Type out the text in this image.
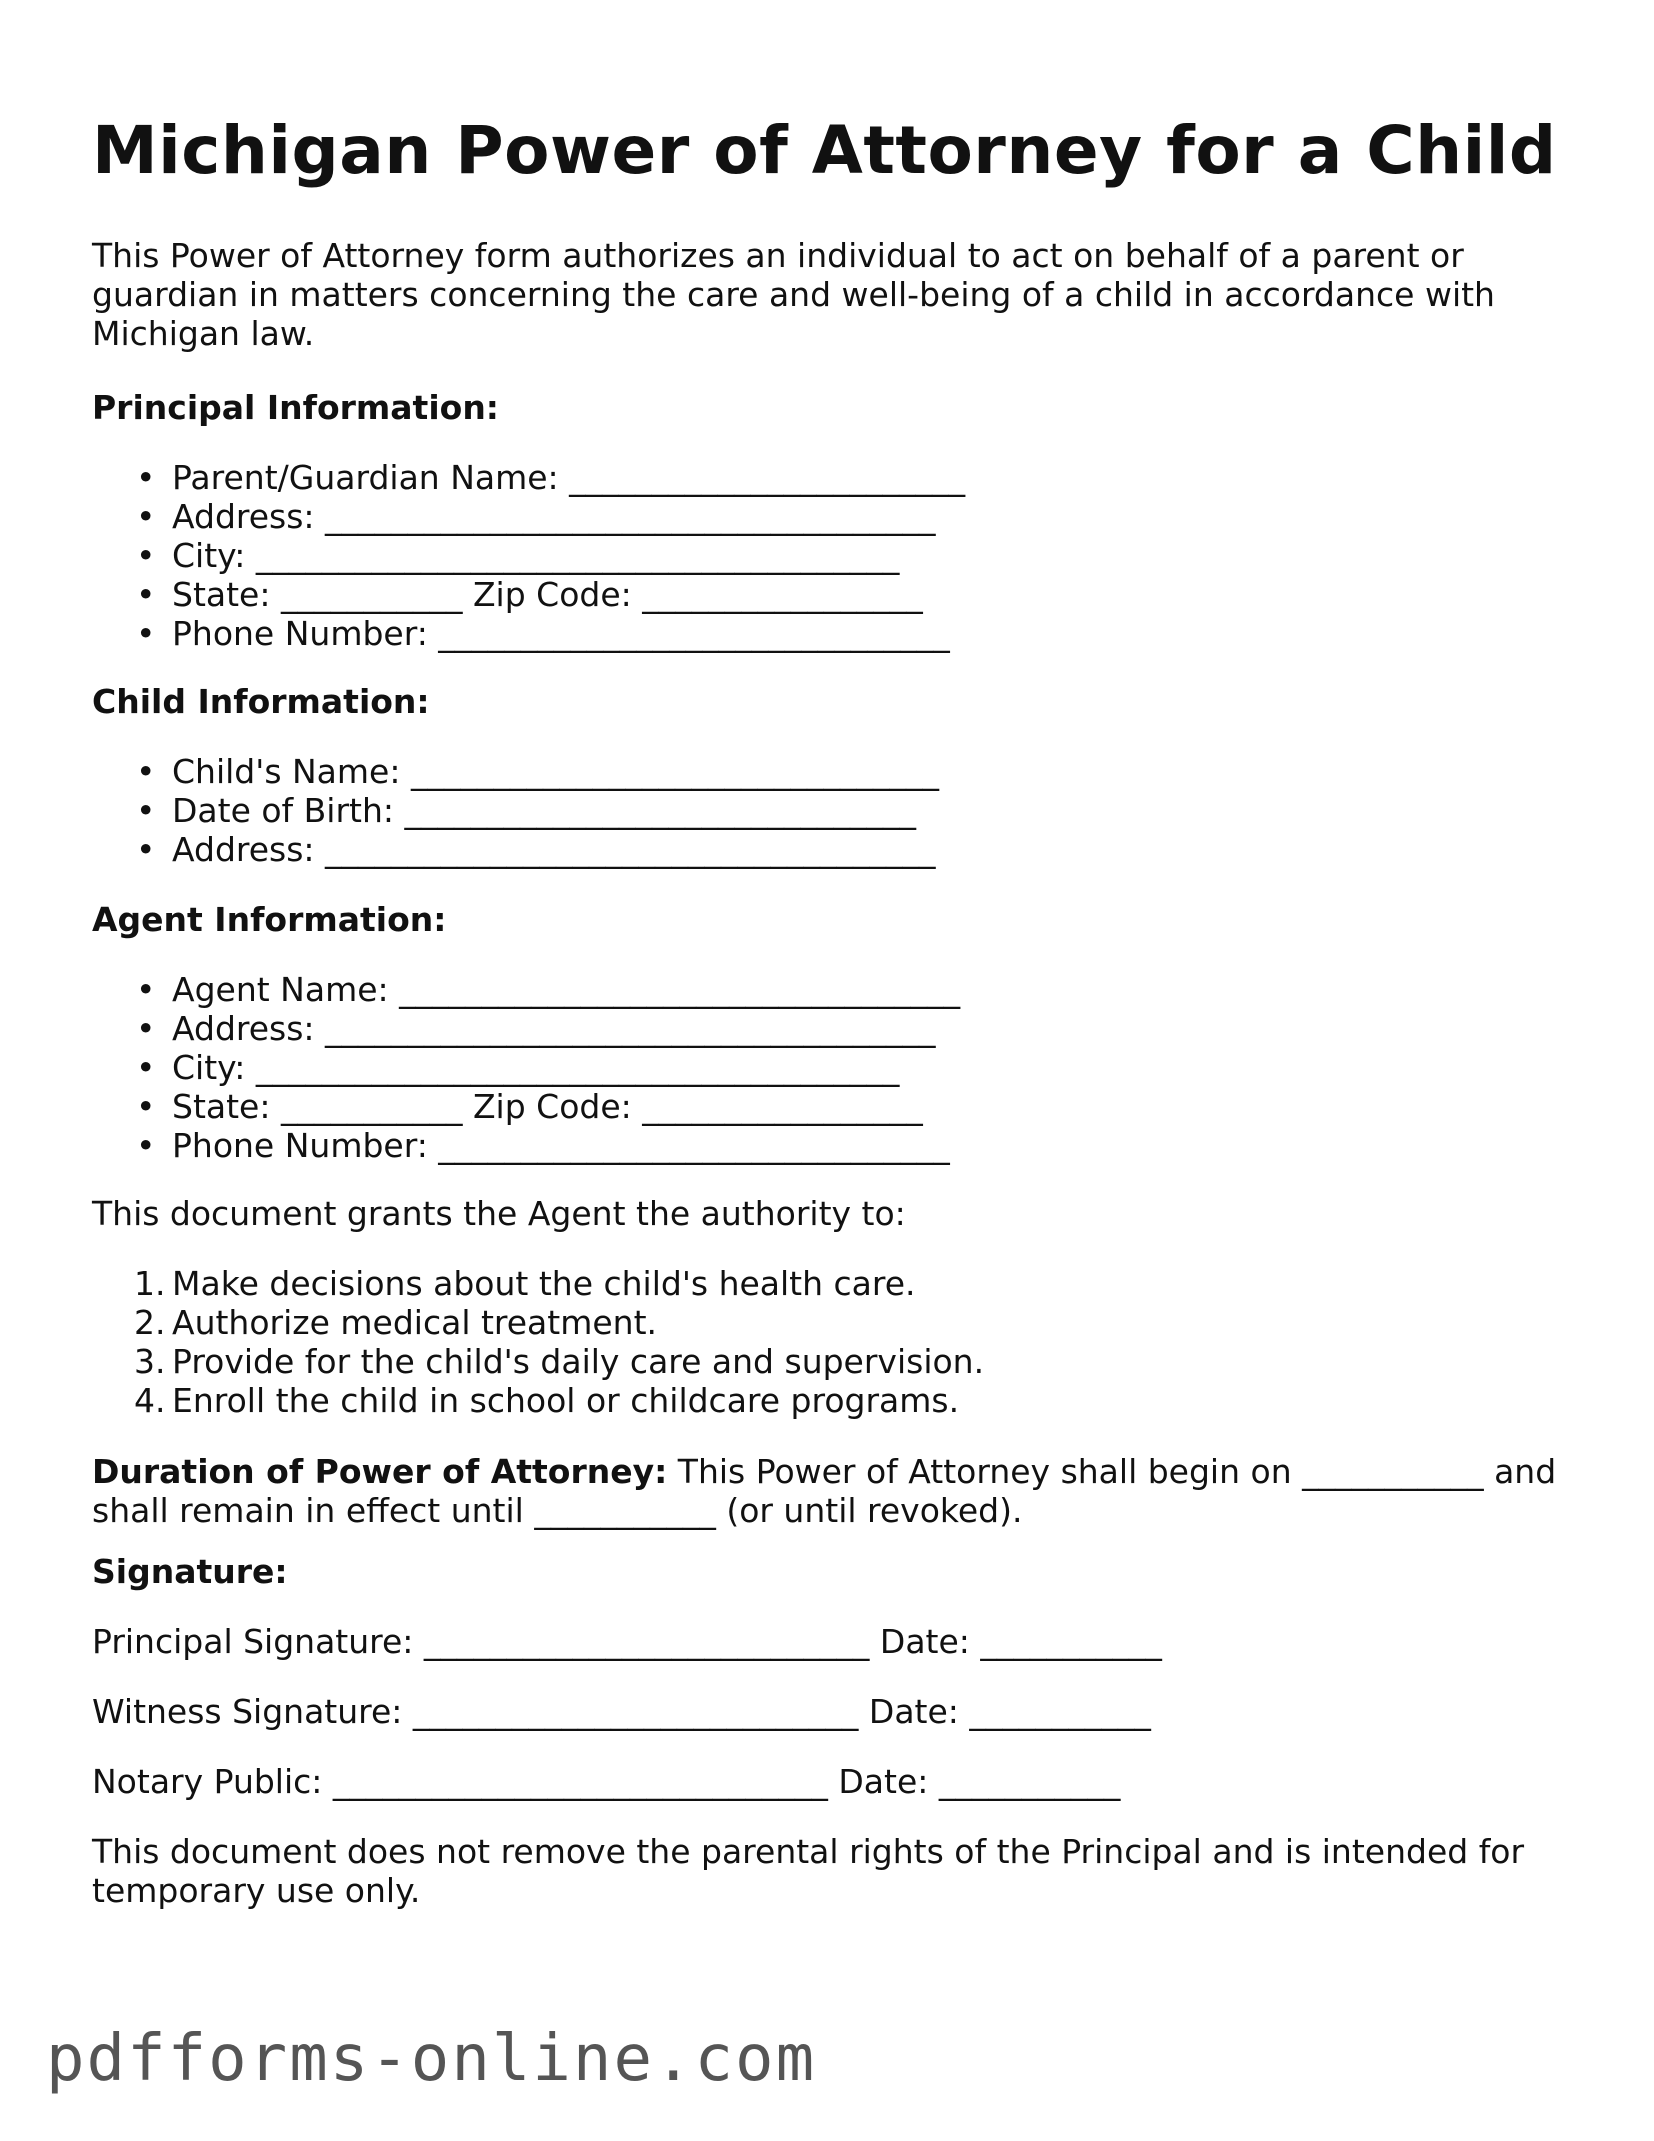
Michigan Power of Attorney for a Child

This Power of Attorney form authorizes an individual to act on behalf of a parent or guardian in matters concerning the care and well-being of a child in accordance with Michigan law.

Principal Information:

• Parent/Guardian Name: ________________________
• Address: _____________________________________
• City: _______________________________________
• State: ___________ Zip Code: _________________
• Phone Number: _______________________________

Child Information:

• Child's Name: ________________________________
• Date of Birth: _______________________________
• Address: _____________________________________

Agent Information:

• Agent Name: __________________________________
• Address: _____________________________________
• City: _______________________________________
• State: ___________ Zip Code: _________________
• Phone Number: _______________________________

This document grants the Agent the authority to:

1. Make decisions about the child's health care.
2. Authorize medical treatment.
3. Provide for the child's daily care and supervision.
4. Enroll the child in school or childcare programs.

Duration of Power of Attorney: This Power of Attorney shall begin on ___________ and shall remain in effect until ___________ (or until revoked).

Signature:

Principal Signature: ___________________________ Date: ___________

Witness Signature: ___________________________ Date: ___________

Notary Public: ______________________________ Date: ___________

This document does not remove the parental rights of the Principal and is intended for temporary use only.

pdfforms-online.com
